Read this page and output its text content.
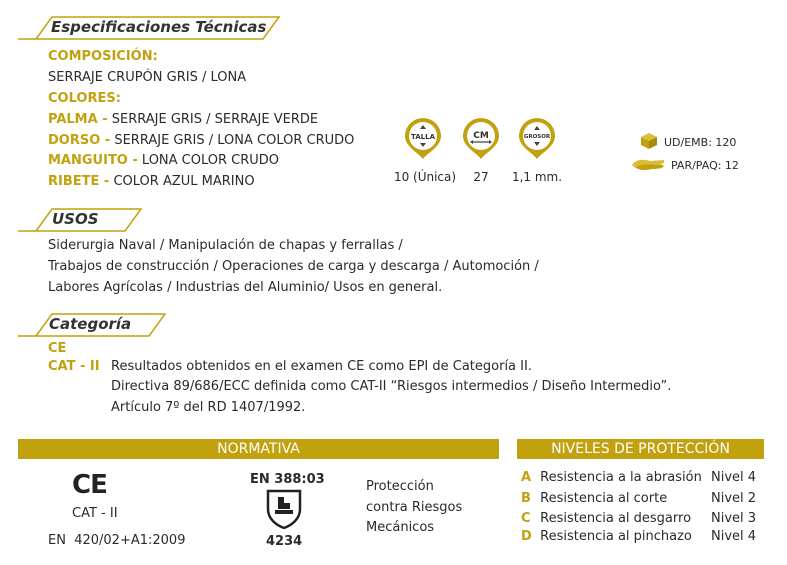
Especificaciones Técnicas
COMPOSICIÓN:
SERRAJE CRUPÓN GRIS / LONA
COLORES:
PALMA - SERRAJE GRIS / SERRAJE VERDE
DORSO - SERRAJE GRIS / LONA COLOR CRUDO
MANGUITO - LONA COLOR CRUDO
RIBETE - COLOR AZUL MARINO
TALLA	CM	GROSOR
10 (Única)	27	1,1 mm.
UD/EMB: 120
PAR/PAQ: 12
USOS
Siderurgia Naval / Manipulación de chapas y ferrallas /
Trabajos de construcción / Operaciones de carga y descarga / Automoción /
Labores Agrícolas / Industrias del Aluminio/ Usos en general.
Categoría
CE
CAT - II Resultados obtenidos en el examen CE como EPI de Categoría II.
Directiva 89/686/ECC definida como CAT-II “Riesgos intermedios / Diseño Intermedio”.
Artículo 7º del RD 1407/1992.
NORMATIVA
CE
CAT - II
EN  420/02+A1:2009
EN 388:03
4234
Protección
contra Riesgos
Mecánicos
NIVELES DE PROTECCIÓN
A Resistencia a la abrasión Nivel 4
B Resistencia al corte	Nivel 2
C Resistencia al desgarro Nivel 3
D Resistencia al pinchazo Nivel 4
